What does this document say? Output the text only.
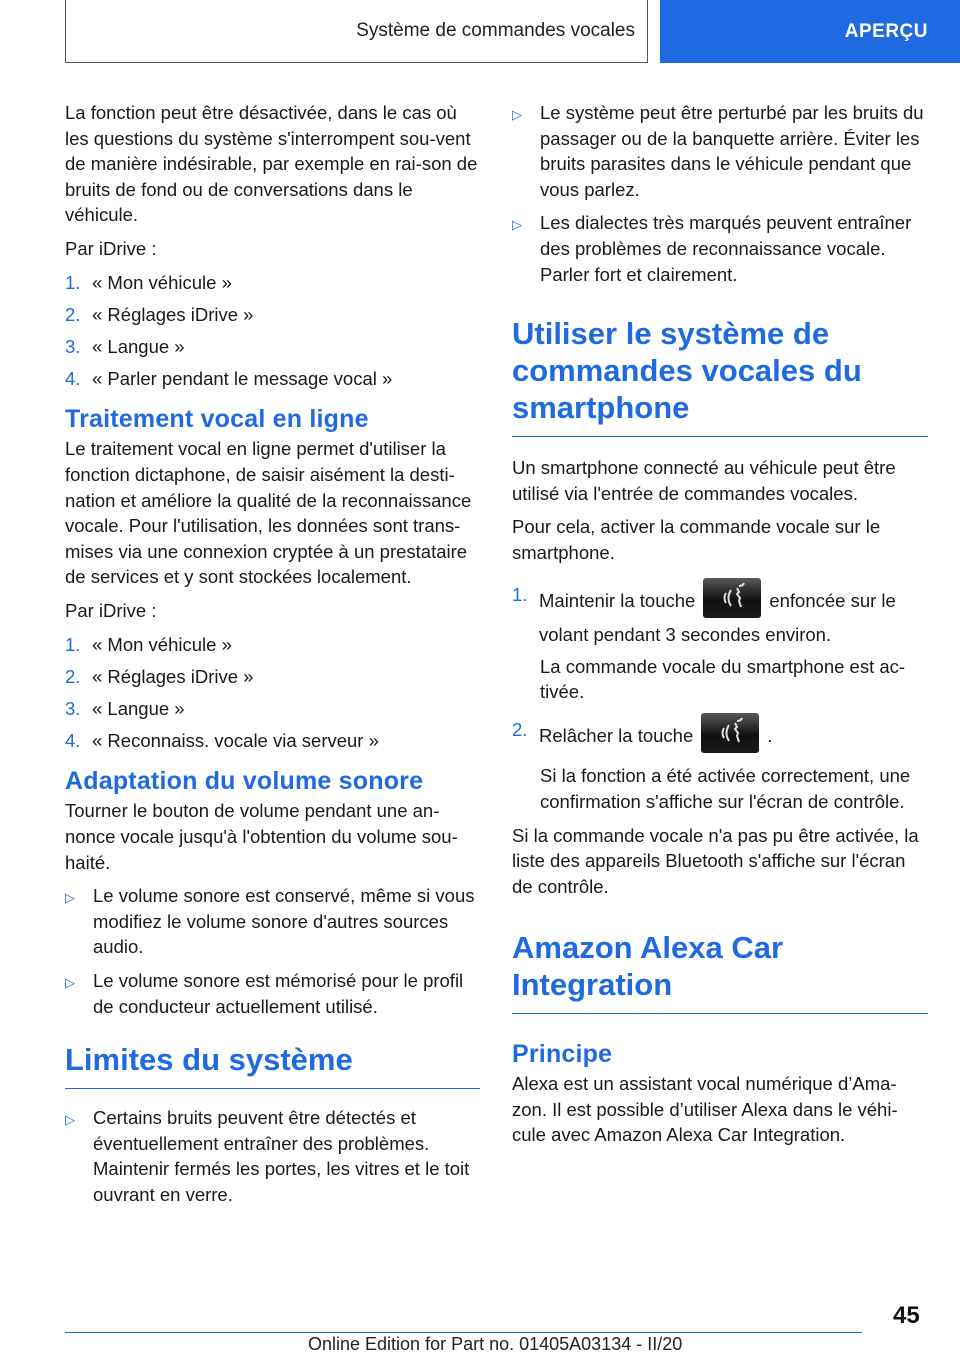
Système de commandes vocales	APERÇU

La fonction peut être désactivée, dans le cas où les questions du système s'interrompent sou-vent de manière indésirable, par exemple en rai-son de bruits de fond ou de conversations dans le véhicule.

Par iDrive :

1. « Mon véhicule »
2. « Réglages iDrive »
3. « Langue »
4. « Parler pendant le message vocal »
Traitement vocal en ligne

Le traitement vocal en ligne permet d'utiliser la fonction dictaphone, de saisir aisément la desti-nation et améliore la qualité de la reconnaissance vocale. Pour l'utilisation, les données sont trans-mises via une connexion cryptée à un prestataire de services et y sont stockées localement.

Par iDrive :

1. « Mon véhicule »
2. « Réglages iDrive »
3. « Langue »
4. « Reconnaiss. vocale via serveur »
Adaptation du volume sonore

Tourner le bouton de volume pendant une an-nonce vocale jusqu'à l'obtention du volume sou-haité.

▷ Le volume sonore est conservé, même si vous modifiez le volume sonore d'autres sources audio.
▷ Le volume sonore est mémorisé pour le profil de conducteur actuellement utilisé.
Limites du système
▷ Certains bruits peuvent être détectés et éventuellement entraîner des problèmes. Maintenir fermés les portes, les vitres et le toit ouvrant en verre.
▷ Le système peut être perturbé par les bruits du passager ou de la banquette arrière. Éviter les bruits parasites dans le véhicule pendant que vous parlez.
▷ Les dialectes très marqués peuvent entraîner des problèmes de reconnaissance vocale. Parler fort et clairement.
Utiliser le système de commandes vocales du smartphone

Un smartphone connecté au véhicule peut être utilisé via l'entrée de commandes vocales.

Pour cela, activer la commande vocale sur le smartphone.

1. Maintenir la touche	enfoncée sur le volant pendant 3 secondes environ.

La commande vocale du smartphone est ac-tivée.

2. Relâcher la touche	.

Si la fonction a été activée correctement, une confirmation s'affiche sur l'écran de contrôle.

Si la commande vocale n'a pas pu être activée, la liste des appareils Bluetooth s'affiche sur l'écran de contrôle.

Amazon Alexa Car Integration
Principe

Alexa est un assistant vocal numérique d’Ama-zon. Il est possible d’utiliser Alexa dans le véhi-cule avec Amazon Alexa Car Integration.

45
Online Edition for Part no. 01405A03134 - II/20
